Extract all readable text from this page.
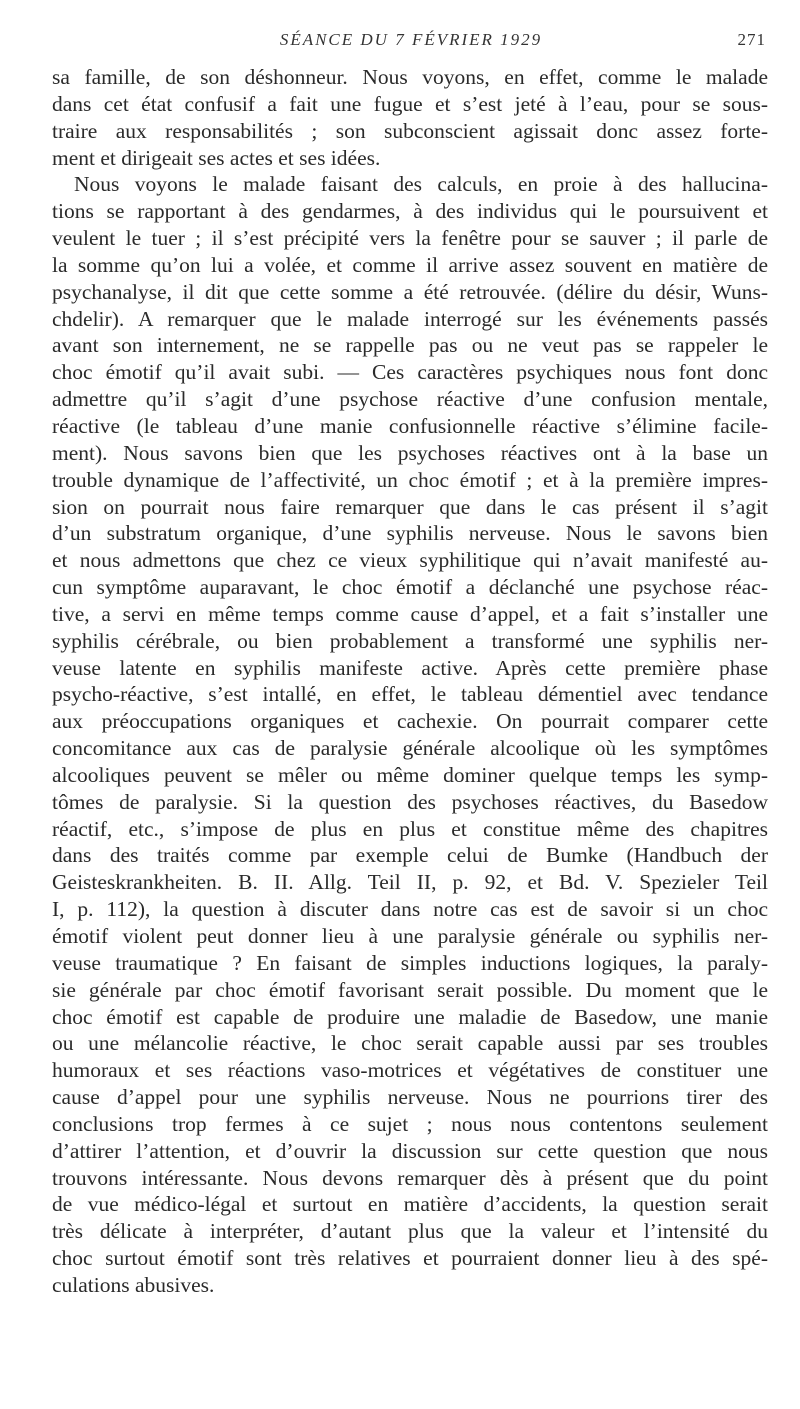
SÉANCE DU 7 FÉVRIER 1929	271
sa famille, de son déshonneur. Nous voyons, en effet, comme le malade
dans cet état confusif a fait une fugue et s’est jeté à l’eau, pour se sous-
traire aux responsabilités ; son subconscient agissait donc assez forte-
ment et dirigeait ses actes et ses idées.
Nous voyons le malade faisant des calculs, en proie à des hallucina-
tions se rapportant à des gendarmes, à des individus qui le poursuivent et
veulent le tuer ; il s’est précipité vers la fenêtre pour se sauver ; il parle de
la somme qu’on lui a volée, et comme il arrive assez souvent en matière de
psychanalyse, il dit que cette somme a été retrouvée. (délire du désir, Wuns-
chdelir). A remarquer que le malade interrogé sur les événements passés
avant son internement, ne se rappelle pas ou ne veut pas se rappeler le
choc émotif qu’il avait subi. — Ces caractères psychiques nous font donc
admettre qu’il s’agit d’une psychose réactive d’une confusion mentale,
réactive (le tableau d’une manie confusionnelle réactive s’élimine facile-
ment). Nous savons bien que les psychoses réactives ont à la base un
trouble dynamique de l’affectivité, un choc émotif ; et à la première impres-
sion on pourrait nous faire remarquer que dans le cas présent il s’agit
d’un substratum organique, d’une syphilis nerveuse. Nous le savons bien
et nous admettons que chez ce vieux syphilitique qui n’avait manifesté au-
cun symptôme auparavant, le choc émotif a déclanché une psychose réac-
tive, a servi en même temps comme cause d’appel, et a fait s’installer une
syphilis cérébrale, ou bien probablement a transformé une syphilis ner-
veuse latente en syphilis manifeste active. Après cette première phase
psycho-réactive, s’est intallé, en effet, le tableau démentiel avec tendance
aux préoccupations organiques et cachexie. On pourrait comparer cette
concomitance aux cas de paralysie générale alcoolique où les symptômes
alcooliques peuvent se mêler ou même dominer quelque temps les symp-
tômes de paralysie. Si la question des psychoses réactives, du Basedow
réactif, etc., s’impose de plus en plus et constitue même des chapitres
dans des traités comme par exemple celui de Bumke (Handbuch der
Geisteskrankheiten. B. II. Allg. Teil II, p. 92, et Bd. V. Spezieler Teil
I, p. 112), la question à discuter dans notre cas est de savoir si un choc
émotif violent peut donner lieu à une paralysie générale ou syphilis ner-
veuse traumatique ? En faisant de simples inductions logiques, la paraly-
sie générale par choc émotif favorisant serait possible. Du moment que le
choc émotif est capable de produire une maladie de Basedow, une manie
ou une mélancolie réactive, le choc serait capable aussi par ses troubles
humoraux et ses réactions vaso-motrices et végétatives de constituer une
cause d’appel pour une syphilis nerveuse. Nous ne pourrions tirer des
conclusions trop fermes à ce sujet ; nous nous contentons seulement
d’attirer l’attention, et d’ouvrir la discussion sur cette question que nous
trouvons intéressante. Nous devons remarquer dès à présent que du point
de vue médico-légal et surtout en matière d’accidents, la question serait
très délicate à interpréter, d’autant plus que la valeur et l’intensité du
choc surtout émotif sont très relatives et pourraient donner lieu à des spé-
culations abusives.
